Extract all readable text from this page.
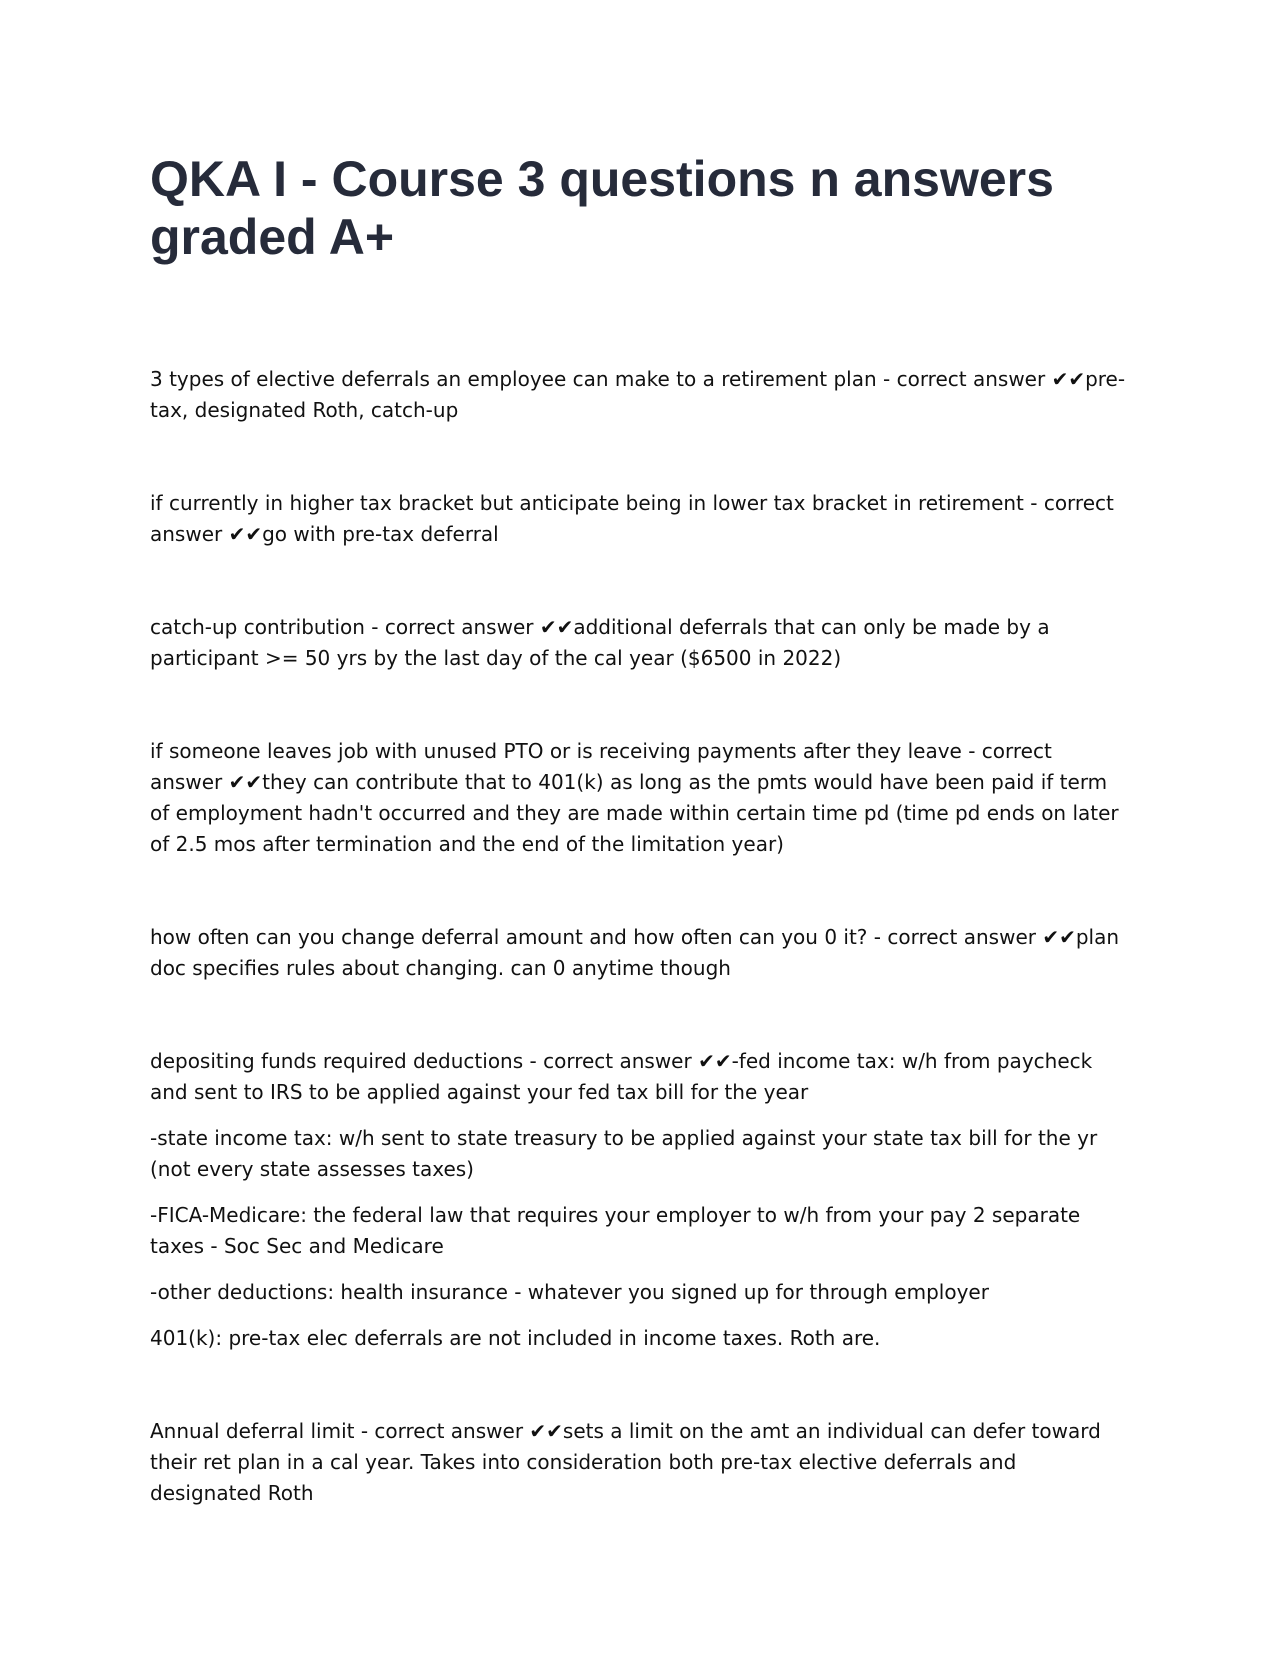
QKA I - Course 3 questions n answers graded A+

3 types of elective deferrals an employee can make to a retirement plan - correct answer ✔✔pre-tax, designated Roth, catch-up

if currently in higher tax bracket but anticipate being in lower tax bracket in retirement - correct answer ✔✔go with pre-tax deferral

catch-up contribution - correct answer ✔✔additional deferrals that can only be made by a participant >= 50 yrs by the last day of the cal year ($6500 in 2022)

if someone leaves job with unused PTO or is receiving payments after they leave - correct answer ✔✔they can contribute that to 401(k) as long as the pmts would have been paid if term of employment hadn't occurred and they are made within certain time pd (time pd ends on later of 2.5 mos after termination and the end of the limitation year)

how often can you change deferral amount and how often can you 0 it? - correct answer ✔✔plan doc specifies rules about changing. can 0 anytime though

depositing funds required deductions - correct answer ✔✔-fed income tax: w/h from paycheck and sent to IRS to be applied against your fed tax bill for the year

-state income tax: w/h sent to state treasury to be applied against your state tax bill for the yr (not every state assesses taxes)

-FICA-Medicare: the federal law that requires your employer to w/h from your pay 2 separate taxes - Soc Sec and Medicare

-other deductions: health insurance - whatever you signed up for through employer

401(k): pre-tax elec deferrals are not included in income taxes. Roth are.

Annual deferral limit - correct answer ✔✔sets a limit on the amt an individual can defer toward their ret plan in a cal year. Takes into consideration both pre-tax elective deferrals and designated Roth
